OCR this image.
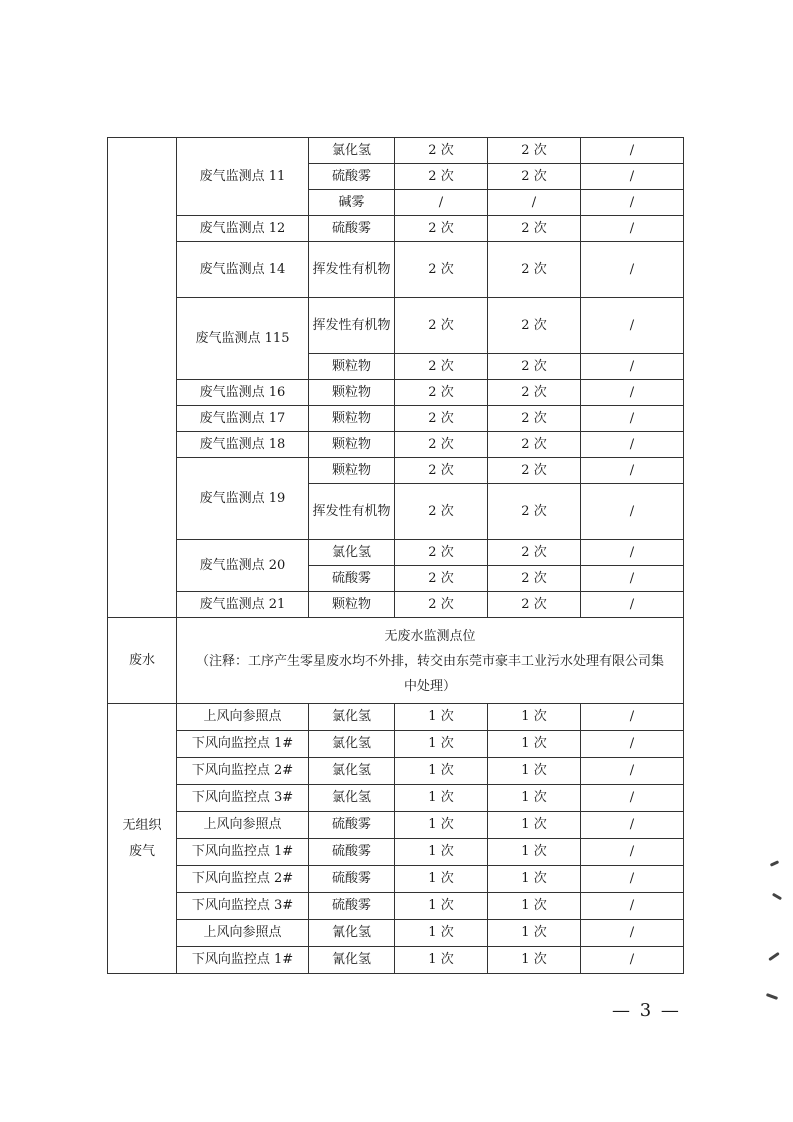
	废气监测点 11	氯化氢	2 次	2 次	/
		硫酸雾	2 次	2 次	/
		碱雾	/	/	/
	废气监测点 12	硫酸雾	2 次	2 次	/
	废气监测点 14	挥发性有机物	2 次	2 次	/
	废气监测点 115	挥发性有机物	2 次	2 次	/
		颗粒物	2 次	2 次	/
	废气监测点 16	颗粒物	2 次	2 次	/
	废气监测点 17	颗粒物	2 次	2 次	/
	废气监测点 18	颗粒物	2 次	2 次	/
	废气监测点 19	颗粒物	2 次	2 次	/
		挥发性有机物	2 次	2 次	/
	废气监测点 20	氯化氢	2 次	2 次	/
		硫酸雾	2 次	2 次	/
	废气监测点 21	颗粒物	2 次	2 次	/
废水	无废水监测点位
（注释：工序产生零星废水均不外排，转交由东莞市豪丰工业污水处理有限公司集
中处理）				

无组织废气	上风向参照点	氯化氢	1 次	1 次	/
	下风向监控点 1#	氯化氢	1 次	1 次	/
	下风向监控点 2#	氯化氢	1 次	1 次	/
	下风向监控点 3#	氯化氢	1 次	1 次	/
	上风向参照点	硫酸雾	1 次	1 次	/
	下风向监控点 1#	硫酸雾	1 次	1 次	/
	下风向监控点 2#	硫酸雾	1 次	1 次	/
	下风向监控点 3#	硫酸雾	1 次	1 次	/
	上风向参照点	氰化氢	1 次	1 次	/
	下风向监控点 1#	氰化氢	1 次	1 次	/
— 3 —
